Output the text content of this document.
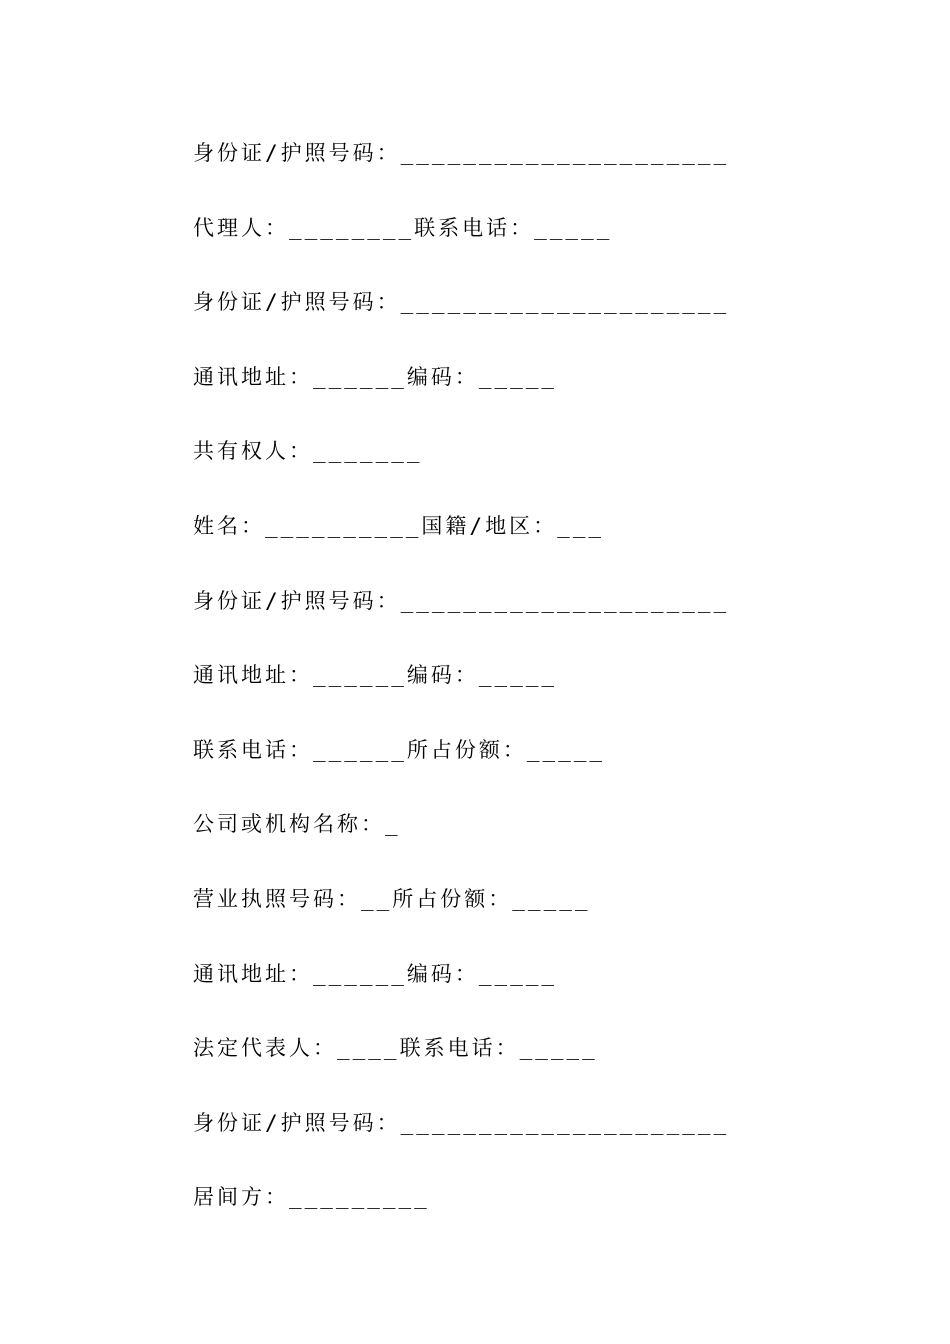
身份证/护照号码：_____________________
代理人：________联系电话：_____
身份证/护照号码：_____________________
通讯地址：______编码：_____
共有权人：_______
姓名：__________国籍/地区：___
身份证/护照号码：_____________________
通讯地址：______编码：_____
联系电话：______所占份额：_____
公司或机构名称：_
营业执照号码：__所占份额：_____
通讯地址：______编码：_____
法定代表人：____联系电话：_____
身份证/护照号码：_____________________
居间方：_________
